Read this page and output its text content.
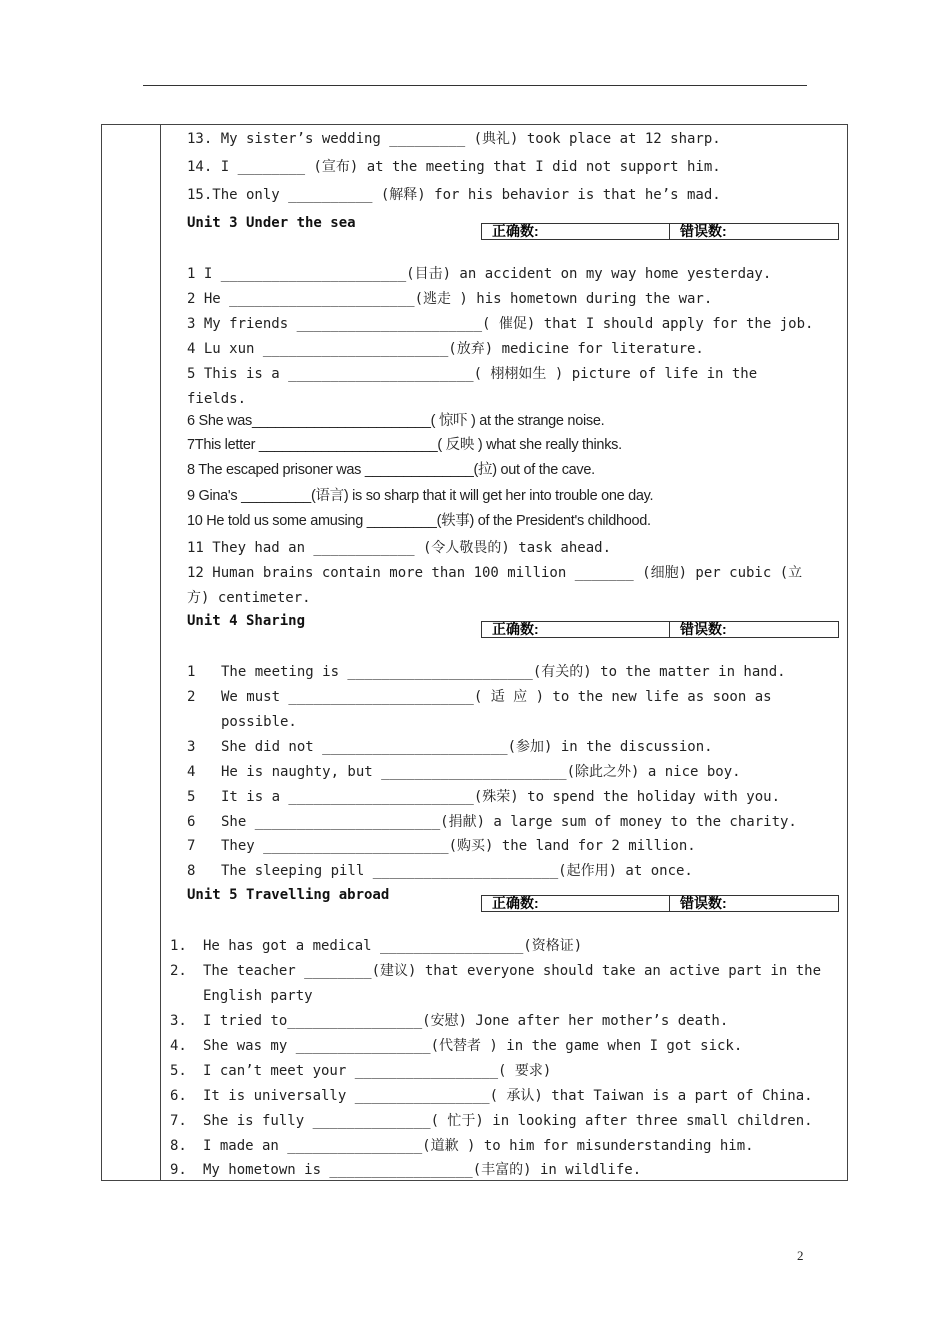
13. My sister’s wedding _________ (典礼) took place at 12 sharp.
14. I ________ (宣布) at the meeting that I did not support him.
15.The only __________ (解释) for his behavior is that he’s mad.
Unit 3 Under the sea	正确数:	错误数:
1 I ______________________(目击) an accident on my way home yesterday.
2 He ______________________(逃走 ) his hometown during the war.
3 My friends ______________________( 催促) that I should apply for the job.
4 Lu xun ______________________(放弃) medicine for literature.
5 This is a ______________________( 栩栩如生 ) picture of life in the
fields.
6 She was_______________________( 惊吓 ) at the strange noise.
7This letter _______________________( 反映 ) what she really thinks.
8 The escaped prisoner was ______________(拉) out of the cave.
9 Gina's _________(语言) is so sharp that it will get her into trouble one day.
10 He told us some amusing _________(轶事) of the President's childhood.
11 They had an ____________ (令人敬畏的) task ahead.
12 Human brains contain more than 100 million _______ (细胞) per cubic (立
方) centimeter.
Unit 4 Sharing	正确数:	错误数:
1 The meeting is ______________________(有关的) to the matter in hand.
2 We must ______________________( 适 应 ) to the new life as soon as
possible.
3 She did not ______________________(参加) in the discussion.
4 He is naughty, but ______________________(除此之外) a nice boy.
5 It is a ______________________(殊荣) to spend the holiday with you.
6 She ______________________(捐献) a large sum of money to the charity.
7 They ______________________(购买) the land for 2 million.
8 The sleeping pill ______________________(起作用) at once.
Unit 5 Travelling abroad	正确数:	错误数:
1. He has got a medical _________________(资格证)
2. The teacher ________(建议) that everyone should take an active part in the
English party
3. I tried to________________(安慰) Jone after her mother’s death.
4. She was my ________________(代替者 ) in the game when I got sick.
5. I can’t meet your _________________( 要求)
6. It is universally ________________( 承认) that Taiwan is a part of China.
7. She is fully ______________( 忙于) in looking after three small children.
8. I made an ________________(道歉 ) to him for misunderstanding him.
9. My hometown is _________________(丰富的) in wildlife.
2
